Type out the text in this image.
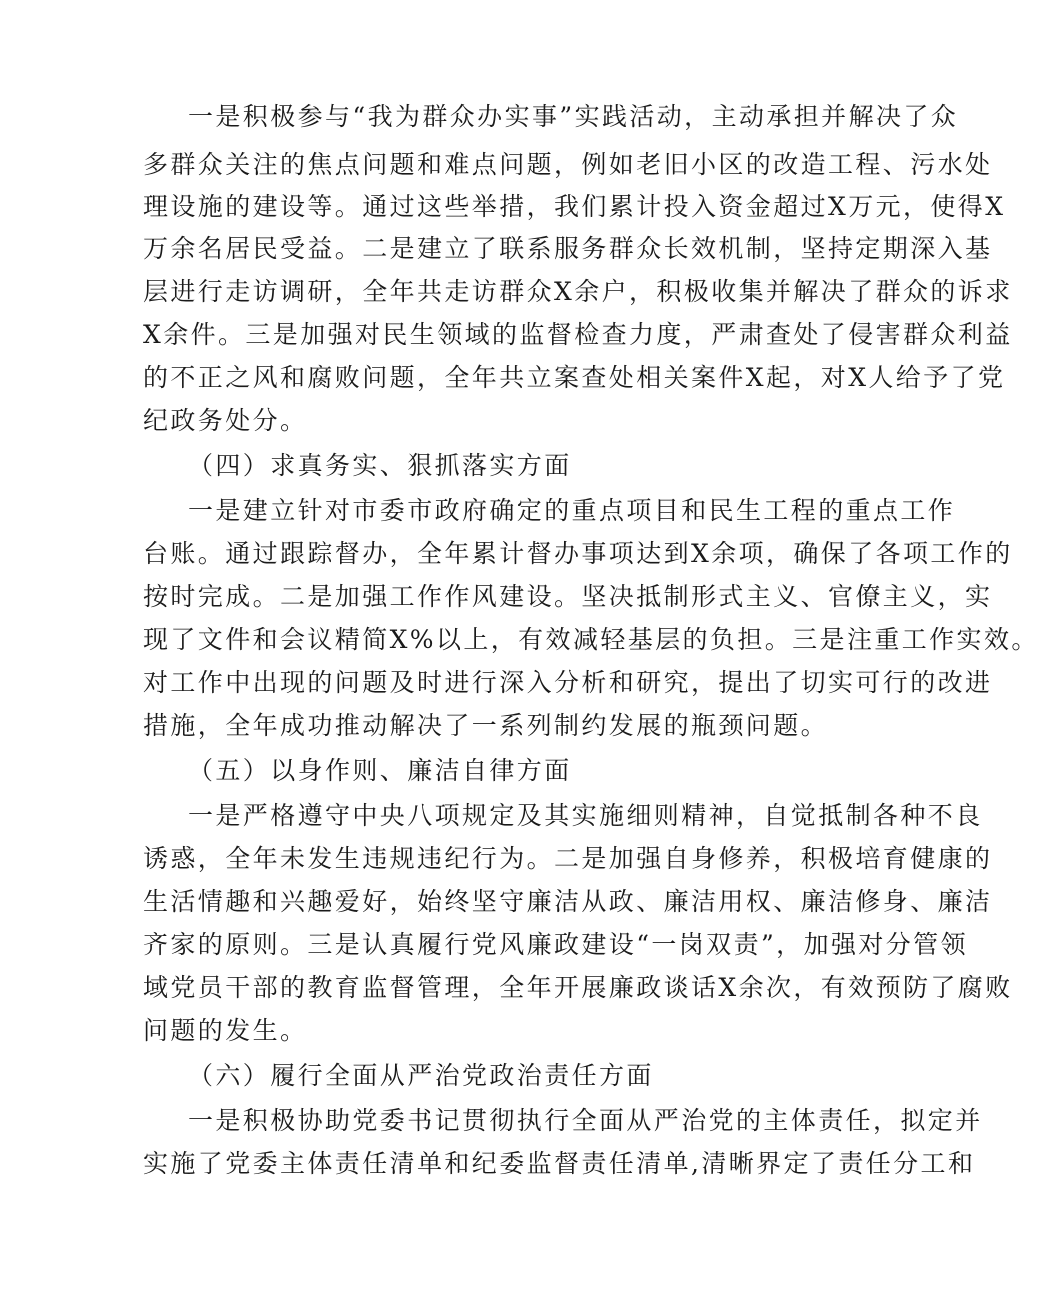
一是积极参与“我为群众办实事”实践活动，主动承担并解决了众
多群众关注的焦点问题和难点问题，例如老旧小区的改造工程、污水处
理设施的建设等。通过这些举措，我们累计投入资金超过X万元，使得X
万余名居民受益。二是建立了联系服务群众长效机制，坚持定期深入基
层进行走访调研，全年共走访群众X余户，积极收集并解决了群众的诉求
X余件。三是加强对民生领域的监督检查力度，严肃查处了侵害群众利益
的不正之风和腐败问题，全年共立案查处相关案件X起，对X人给予了党
纪政务处分。
（四）求真务实、狠抓落实方面
一是建立针对市委市政府确定的重点项目和民生工程的重点工作
台账。通过跟踪督办，全年累计督办事项达到X余项，确保了各项工作的
按时完成。二是加强工作作风建设。坚决抵制形式主义、官僚主义，实
现了文件和会议精简X%以上，有效减轻基层的负担。三是注重工作实效。
对工作中出现的问题及时进行深入分析和研究，提出了切实可行的改进
措施，全年成功推动解决了一系列制约发展的瓶颈问题。
（五）以身作则、廉洁自律方面
一是严格遵守中央八项规定及其实施细则精神，自觉抵制各种不良
诱惑，全年未发生违规违纪行为。二是加强自身修养，积极培育健康的
生活情趣和兴趣爱好，始终坚守廉洁从政、廉洁用权、廉洁修身、廉洁
齐家的原则。三是认真履行党风廉政建设“一岗双责”，加强对分管领
域党员干部的教育监督管理，全年开展廉政谈话X余次，有效预防了腐败
问题的发生。
（六）履行全面从严治党政治责任方面
一是积极协助党委书记贯彻执行全面从严治党的主体责任，拟定并
实施了党委主体责任清单和纪委监督责任清单,清晰界定了责任分工和
